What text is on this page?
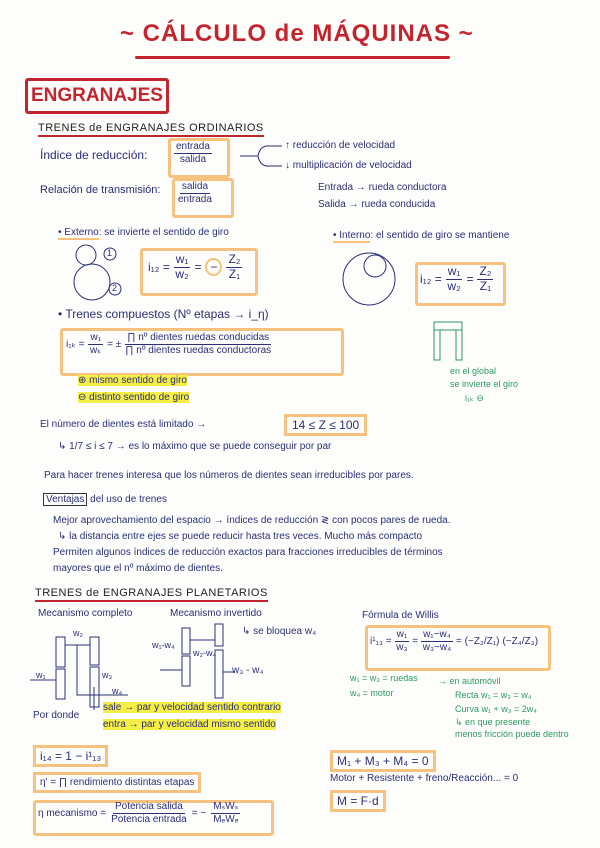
~ CÁLCULO de MÁQUINAS ~
ENGRANAJES
TRENES de ENGRANAJES ORDINARIOS
Índice de reducción:
entrada
salida
↑ reducción de velocidad
↓ multiplicación de velocidad
Relación de transmisión: salida
entrada
Entrada → rueda conductora
Salida → rueda conducida
• Externo: se invierte el sentido de giro
1
2
$i_{12} = \frac{\text{w₁}}{\text{w₂}}$ = − $\frac{\text{Z₂}}{\text{Z₁}}$
• Interno: el sentido de giro se mantiene
$i_{12} = \frac{\text{w₁}}{\text{w₂}} = \frac{\text{Z₂}}{\text{Z₁}}$
• Trenes compuestos (Nº etapas → i_η)
$i_{1k} = \frac{\text{w₁}}{\text{wₖ}}$ = ± $\frac{\text{∏ nº dientes ruedas conducidas}}{\text{∏ nº dientes ruedas conductoras}}$
⊕ mismo sentido de giro
⊖ distinto sentido de giro
en el global
se invierte el giro
i₁ₖ ⊖
El número de dientes está limitado →	14 ≤ Z ≤ 100
↳ 1/7 ≤ i ≤ 7 → es lo máximo que se puede conseguir por par
Para hacer trenes interesa que los números de dientes sean irreducibles por pares.
Ventajas del uso de trenes
Mejor aprovechamiento del espacio → índices de reducción ≷ con pocos pares de rueda.
↳ la distancia entre ejes se puede reducir hasta tres veces. Mucho más compacto
Permiten algunos índices de reducción exactos para fracciones irreducibles de términos
mayores que el nº máximo de dientes.
TRENES de ENGRANAJES PLANETARIOS
Mecanismo completo	Mecanismo invertido
↳ se bloquea w₄
w₁
w₂
w₃
w₄
w₁-w₄
w₂-w₄
w₃ - w₄
Fórmula de Willis
$i^1_{13} = \frac{\text{w₁}}{\text{w₃}} = \frac{\text{w₁−w₄}}{\text{w₃−w₄}} = (-Z_2/Z_1)$ (−Z₄/Z₃)
w₁ = w₃ = ruedas
w₄ = motor
→ en automóvil
Recta w₁ = w₃ = w₄
Curva w₁ + w₃ = 2w₄
↳ en que presente
menos fricción puede dentro
Por donde
sale → par y velocidad sentido contrario
entra → par y velocidad mismo sentido
i₁₄ = 1 − i¹₁₃
η' = ∏ rendimiento distintas etapas
η mecanismo = $\frac{\text{Potencia salida}}{\text{Potencia entrada}}$ = − $\frac{\text{MₛWₛ}}{\text{MₑWₑ}}$
M₁ + M₃ + M₄ = 0
Motor + Resistente + freno/Reacción... = 0
M = F·d
